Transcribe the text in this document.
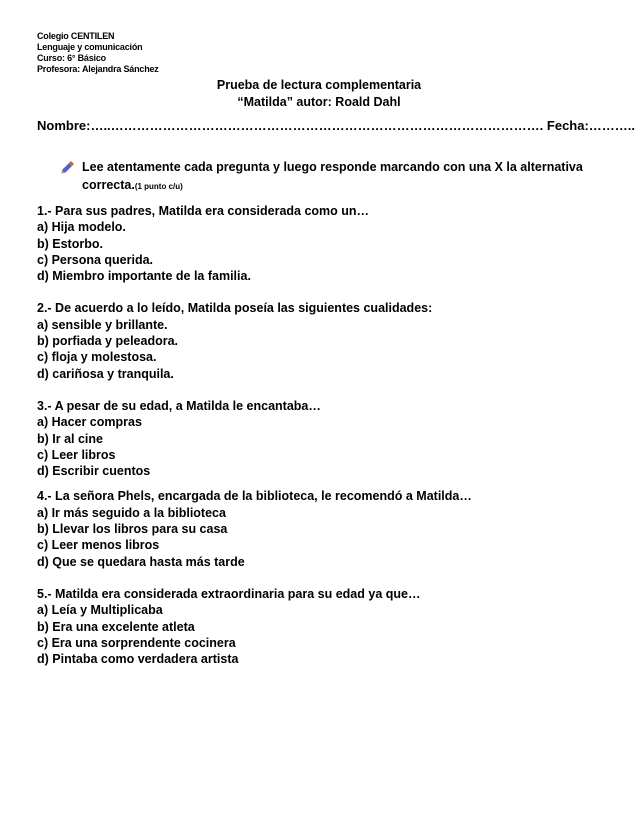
Colegio CENTILEN
Lenguaje y comunicación
Curso: 6° Básico
Profesora: Alejandra Sánchez
Prueba de lectura complementaria
“Matilda” autor: Roald Dahl
Nombre:…..………………………………………………………………………………………. Fecha:………..
Lee atentamente cada pregunta y luego responde marcando con una X la alternativa correcta.(1 punto c/u)
1.- Para sus padres, Matilda era considerada como un…
a) Hija modelo.
b) Estorbo.
c) Persona querida.
d) Miembro importante de la familia.
2.- De acuerdo a lo leído, Matilda poseía las siguientes cualidades:
a) sensible y brillante.
b) porfiada y peleadora.
c) floja y molestosa.
d) cariñosa y tranquila.
3.- A pesar de su edad, a Matilda le encantaba…
a) Hacer compras
b) Ir al cine
c) Leer libros
d) Escribir cuentos
4.- La señora Phels, encargada de la biblioteca, le recomendó a Matilda…
a) Ir más seguido a la biblioteca
b) Llevar los libros para su casa
c) Leer menos libros
d) Que se quedara hasta más tarde
5.- Matilda era considerada extraordinaria para su edad ya que…
a) Leía y Multiplicaba
b) Era una excelente atleta
c) Era una sorprendente cocinera
d) Pintaba como verdadera artista
